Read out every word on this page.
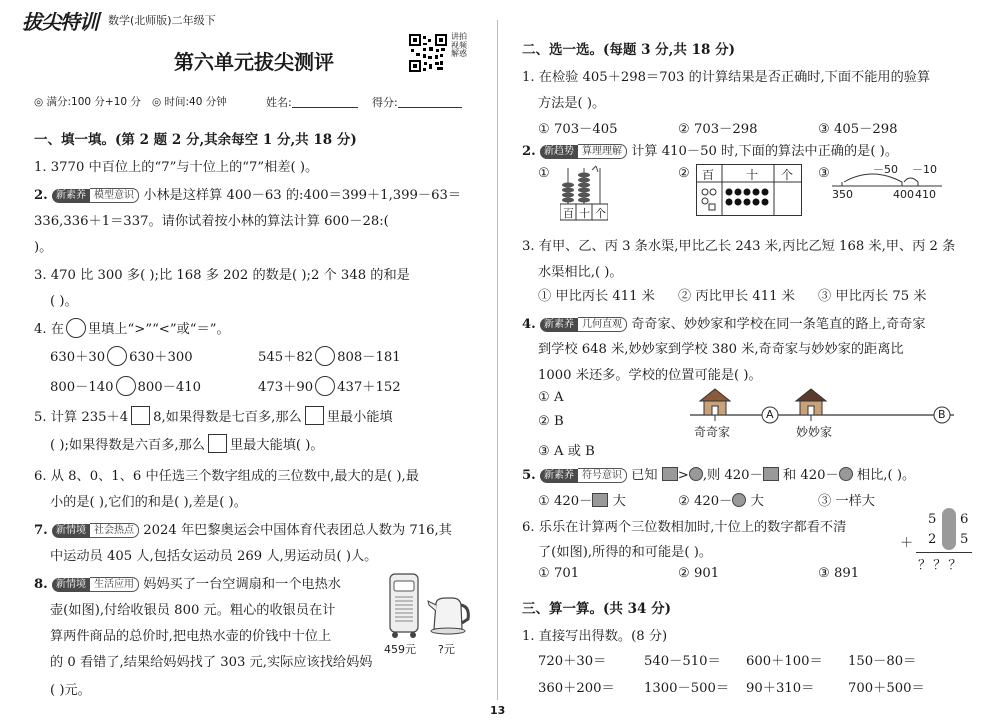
拔尖特训 数学(北师版)二年级下
第六单元拔尖测评
讲拍视频解惑
◎ 满分:100 分+10 分 ◎ 时间:40 分钟	姓名:	得分:
一、填一填。(第 2 题 2 分,其余每空 1 分,共 18 分)
1. 3770 中百位上的“7”与十位上的“7”相差( )。
2. 新素养 模型意识 小林是这样算 400－63 的:400＝399＋1,399－63＝
336,336＋1＝337。请你试着按小林的算法计算 600－28:(
)。
3. 470 比 300 多( );比 168 多 202 的数是( );2 个 348 的和是
( )。
4. 在 里填上“>”“<”或“＝”。
630＋30 630＋300	545＋82 808－181
800－140 800－410	473＋90 437＋152
5. 计算 235＋4 8,如果得数是七百多,那么 里最小能填
( );如果得数是六百多,那么 里最大能填( )。
6. 从 8、0、1、6 中任选三个数字组成的三位数中,最大的是( ),最
小的是( ),它们的和是( ),差是( )。
7. 新情境 社会热点 2024 年巴黎奥运会中国体育代表团总人数为 716,其
中运动员 405 人,包括女运动员 269 人,男运动员( )人。
8. 新情境 生活应用 妈妈买了一台空调扇和一个电热水
壶(如图),付给收银员 800 元。粗心的收银员在计
算两件商品的总价时,把电热水壶的价钱中十位上
的 0 看错了,结果给妈妈找了 303 元,实际应该找给妈妈
( )元。
459元 ?元
二、选一选。(每题 3 分,共 18 分)
1. 在检验 405＋298＝703 的计算结果是否正确时,下面不能用的验算
方法是( )。
① 703－405	② 703－298	③ 405－298
2. 新趋势 算理理解 计算 410－50 时,下面的算法中正确的是( )。
①
百 十 个
② 百	十 个 ③	－50 －10
350	400 410
3. 有甲、乙、丙 3 条水渠,甲比乙长 243 米,丙比乙短 168 米,甲、丙 2 条
水渠相比,( )。
① 甲比丙长 411 米 ② 丙比甲长 411 米 ③ 甲比丙长 75 米
4. 新素养 几何直观 奇奇家、妙妙家和学校在同一条笔直的路上,奇奇家
到学校 648 米,妙妙家到学校 380 米,奇奇家与妙妙家的距离比
1000 米还多。学校的位置可能是( )。
① A
② B
③ A 或 B
A	B
奇奇家	妙妙家
5. 新素养 符号意识 已知 > ,则 420－ 和 420－ 相比,( )。
① 420－ 大	② 420－ 大	③ 一样大
6. 乐乐在计算两个三位数相加时,十位上的数字都看不清
了(如图),所得的和可能是( )。
① 701	② 901	③ 891
5 6
＋ 2 5
？？？
三、算一算。(共 34 分)
1. 直接写出得数。(8 分)
720＋30＝	540－510＝ 600＋100＝ 150－80＝
360＋200＝ 1300－500＝ 90＋310＝	700＋500＝
13
